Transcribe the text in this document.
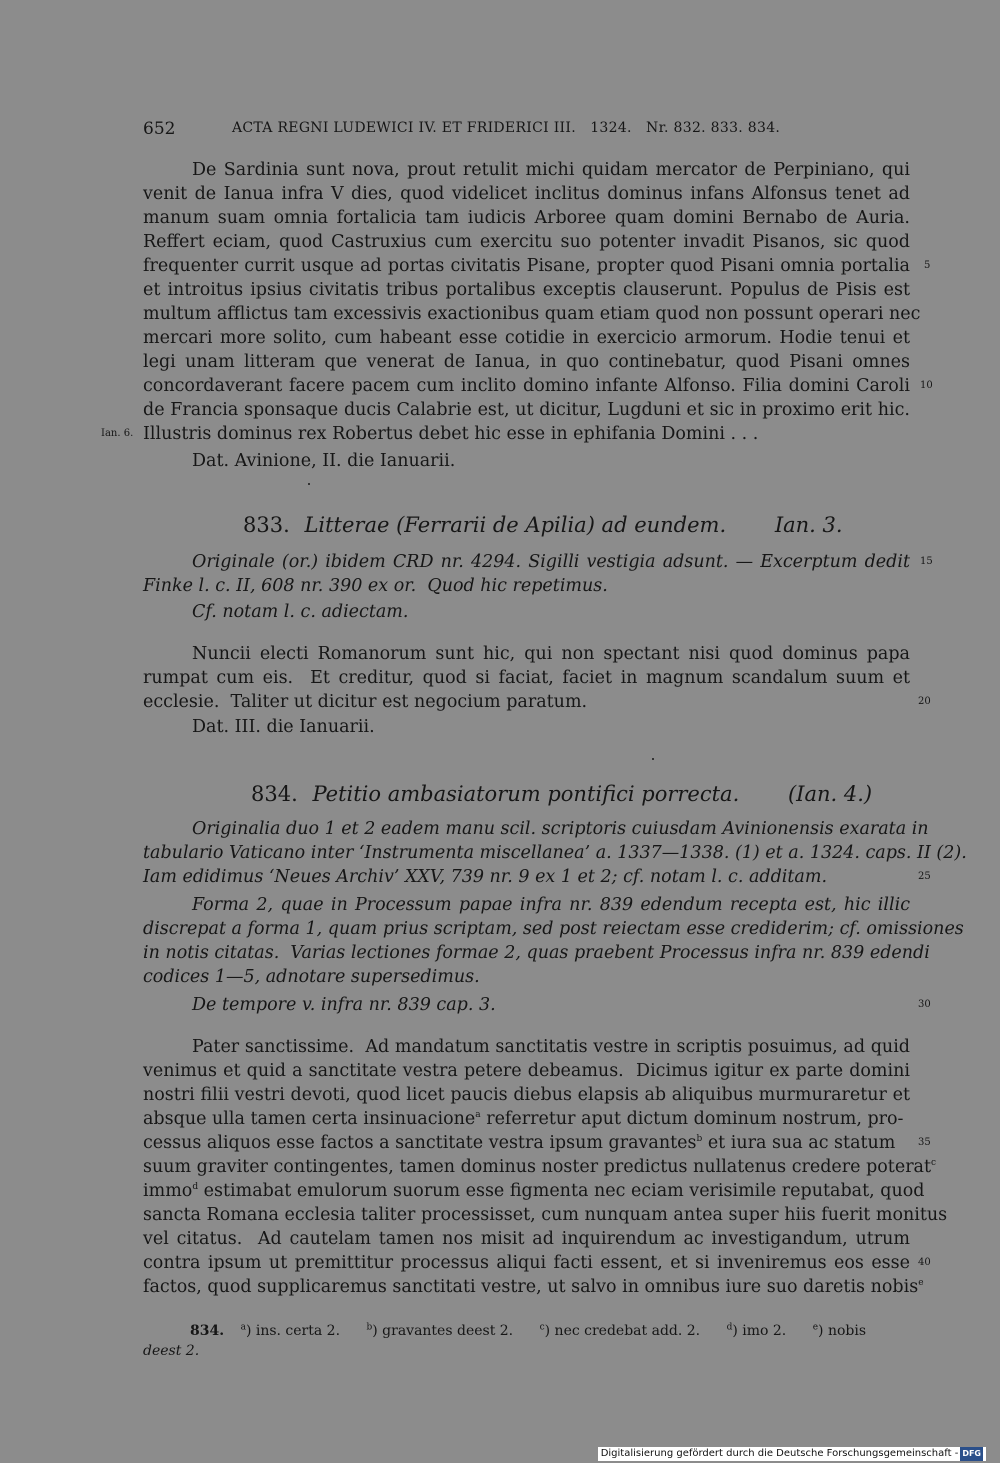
652	ACTA REGNI LUDEWICI IV. ET FRIDERICI III.   1324.   Nr. 832. 833. 834.
De Sardinia sunt nova, prout retulit michi quidam mercator de Perpiniano, qui
venit de Ianua infra V dies, quod videlicet inclitus dominus infans Alfonsus tenet ad
manum suam omnia fortalicia tam iudicis Arboree quam domini Bernabo de Auria.
Reffert eciam, quod Castruxius cum exercitu suo potenter invadit Pisanos, sic quod
frequenter currit usque ad portas civitatis Pisane, propter quod Pisani omnia portalia
et introitus ipsius civitatis tribus portalibus exceptis clauserunt. Populus de Pisis est
multum afflictus tam excessivis exactionibus quam etiam quod non possunt operari nec
mercari more solito, cum habeant esse cotidie in exercicio armorum. Hodie tenui et
legi unam litteram que venerat de Ianua, in quo continebatur, quod Pisani omnes
concordaverant facere pacem cum inclito domino infante Alfonso. Filia domini Caroli
de Francia sponsaque ducis Calabrie est, ut dicitur, Lugduni et sic in proximo erit hic.
Illustris dominus rex Robertus debet hic esse in ephifania Domini . . .
Ian. 6.
Dat. Avinione, II. die Ianuarii.
833. Litterae (Ferrarii de Apilia) ad eundem. Ian. 3.
Originale (or.) ibidem CRD nr. 4294. Sigilli vestigia adsunt. — Excerptum dedit
Finke l. c. II, 608 nr. 390 ex or.  Quod hic repetimus.
Cf. notam l. c. adiectam.
Nuncii electi Romanorum sunt hic, qui non spectant nisi quod dominus papa
rumpat cum eis.  Et creditur, quod si faciat, faciet in magnum scandalum suum et
ecclesie.  Taliter ut dicitur est negocium paratum.
Dat. III. die Ianuarii.
834. Petitio ambasiatorum pontifici porrecta. (Ian. 4.)
Originalia duo 1 et 2 eadem manu scil. scriptoris cuiusdam Avinionensis exarata in
tabulario Vaticano inter ‘Instrumenta miscellanea’ a. 1337—1338. (1) et a. 1324. caps. II (2).
Iam edidimus ‘Neues Archiv’ XXV, 739 nr. 9 ex 1 et 2; cf. notam l. c. additam.
Forma 2, quae in Processum papae infra nr. 839 edendum recepta est, hic illic
discrepat a forma 1, quam prius scriptam, sed post reiectam esse crediderim; cf. omissiones
in notis citatas.  Varias lectiones formae 2, quas praebent Processus infra nr. 839 edendi
codices 1—5, adnotare supersedimus.
De tempore v. infra nr. 839 cap. 3.
Pater sanctissime.  Ad mandatum sanctitatis vestre in scriptis posuimus, ad quid
venimus et quid a sanctitate vestra petere debeamus.  Dicimus igitur ex parte domini
nostri filii vestri devoti, quod licet paucis diebus elapsis ab aliquibus murmuraretur et
absque ulla tamen certa insinuacione$^a$ referretur aput dictum dominum nostrum, pro-
cessus aliquos esse factos a sanctitate vestra ipsum gravantes$^b$ et iura sua ac statum
suum graviter contingentes, tamen dominus noster predictus nullatenus credere poterat$^c$
immo$^d$ estimabat emulorum suorum esse figmenta nec eciam verisimile reputabat, quod
sancta Romana ecclesia taliter processisset, cum nunquam antea super hiis fuerit monitus
vel citatus.  Ad cautelam tamen nos misit ad inquirendum ac investigandum, utrum
contra ipsum ut premittitur processus aliqui facti essent, et si inveniremus eos esse
factos, quod supplicaremus sanctitati vestre, ut salvo in omnibus iure suo daretis nobis$^e$
834. $^a$) ins. certa 2.	$^b$) gravantes deest 2.	$^c$) nec credebat add. 2.	$^d$) imo 2.	$^e$) nobis
deest 2.
5
10
15
20
25
30
35
40
Digitalisierung gefördert durch die Deutsche Forschungsgemeinschaft - DFG
